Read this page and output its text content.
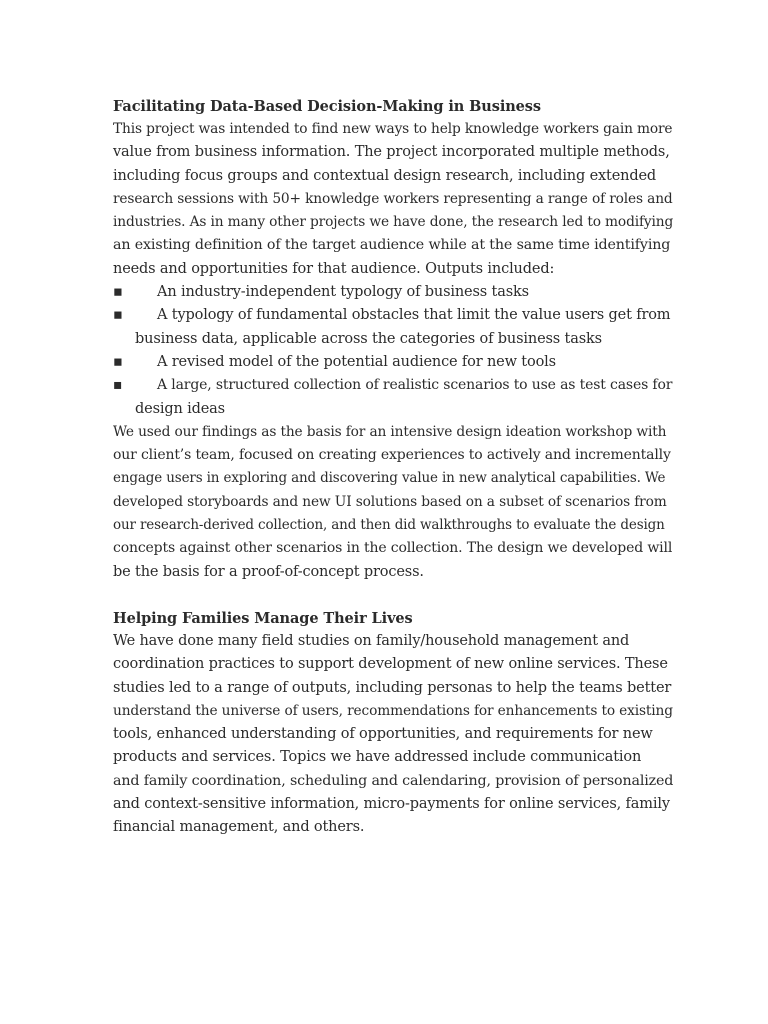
Facilitating Data-Based Decision-Making in Business
This project was intended to find new ways to help knowledge workers gain more
value from business information. The project incorporated multiple methods,
including focus groups and contextual design research, including extended
research sessions with 50+ knowledge workers representing a range of roles and
industries. As in many other projects we have done, the research led to modifying
an existing definition of the target audience while at the same time identifying
needs and opportunities for that audience. Outputs included:
▪	An industry-independent typology of business tasks
▪	A typology of fundamental obstacles that limit the value users get from
business data, applicable across the categories of business tasks
▪	A revised model of the potential audience for new tools
▪	A large, structured collection of realistic scenarios to use as test cases for
design ideas
We used our findings as the basis for an intensive design ideation workshop with
our client’s team, focused on creating experiences to actively and incrementally
engage users in exploring and discovering value in new analytical capabilities. We
developed storyboards and new UI solutions based on a subset of scenarios from
our research-derived collection, and then did walkthroughs to evaluate the design
concepts against other scenarios in the collection. The design we developed will
be the basis for a proof-of-concept process.
Helping Families Manage Their Lives
We have done many field studies on family/household management and
coordination practices to support development of new online services. These
studies led to a range of outputs, including personas to help the teams better
understand the universe of users, recommendations for enhancements to existing
tools, enhanced understanding of opportunities, and requirements for new
products and services. Topics we have addressed include communication
and family coordination, scheduling and calendaring, provision of personalized
and context-sensitive information, micro-payments for online services, family
financial management, and others.
